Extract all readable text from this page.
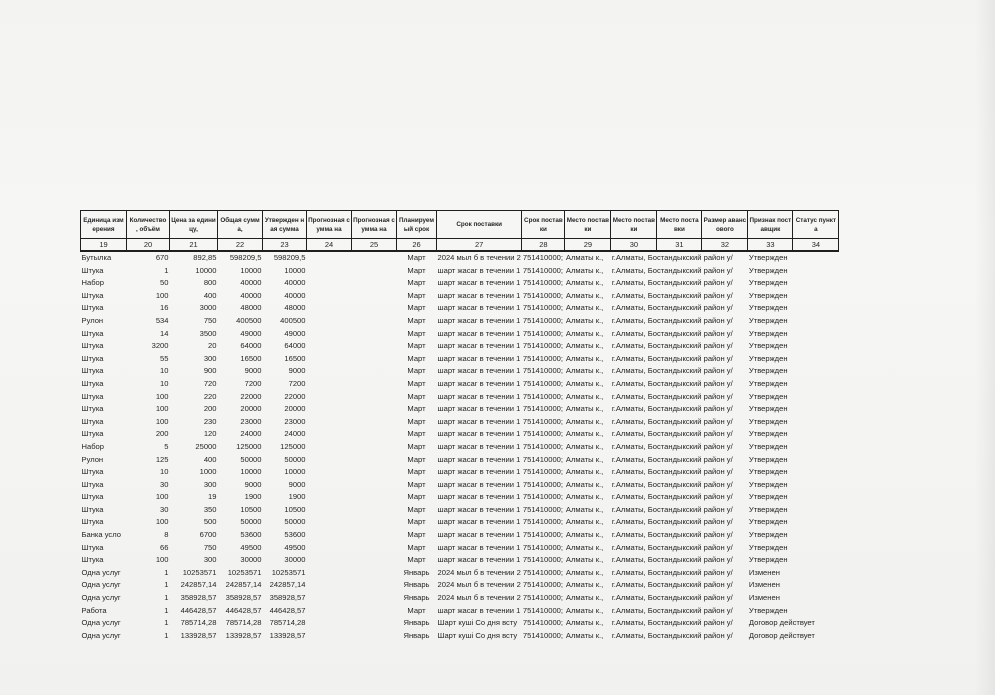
Единица измерения	Количество , объём	Цена за единицу,	Общая сумма,	Утвержден ная сумма	Прогнозная сумма на	Прогнозная сумма на	Планируем ый срок	Срок поставки	Срок поставки	Место поставки	Место поставки	Место поставки	Размер авансового	Признак поставщик	Статус пункта
19	20	21	22	23	24	25	26	27	28	29	30	31	32	33	34
Бутылка	670	892,85	598209,5	598209,5			Март	2024 мыл б в течении 2	751410000;	Алматы к.,	г.Алматы, Бостандыкский район у/			Утвержден	
Штука	1	10000	10000	10000			Март	шарт жасаг в течении 1	751410000;	Алматы к.,	г.Алматы, Бостандыкский район у/			Утвержден	
Набор	50	800	40000	40000			Март	шарт жасаг в течении 1	751410000;	Алматы к.,	г.Алматы, Бостандыкский район у/			Утвержден	
Штука	100	400	40000	40000			Март	шарт жасаг в течении 1	751410000;	Алматы к.,	г.Алматы, Бостандыкский район у/			Утвержден	
Штука	16	3000	48000	48000			Март	шарт жасаг в течении 1	751410000;	Алматы к.,	г.Алматы, Бостандыкский район у/			Утвержден	
Рулон	534	750	400500	400500			Март	шарт жасаг в течении 1	751410000;	Алматы к.,	г.Алматы, Бостандыкский район у/			Утвержден	
Штука	14	3500	49000	49000			Март	шарт жасаг в течении 1	751410000;	Алматы к.,	г.Алматы, Бостандыкский район у/			Утвержден	
Штука	3200	20	64000	64000			Март	шарт жасаг в течении 1	751410000;	Алматы к.,	г.Алматы, Бостандыкский район у/			Утвержден	
Штука	55	300	16500	16500			Март	шарт жасаг в течении 1	751410000;	Алматы к.,	г.Алматы, Бостандыкский район у/			Утвержден	
Штука	10	900	9000	9000			Март	шарт жасаг в течении 1	751410000;	Алматы к.,	г.Алматы, Бостандыкский район у/			Утвержден	
Штука	10	720	7200	7200			Март	шарт жасаг в течении 1	751410000;	Алматы к.,	г.Алматы, Бостандыкский район у/			Утвержден	
Штука	100	220	22000	22000			Март	шарт жасаг в течении 1	751410000;	Алматы к.,	г.Алматы, Бостандыкский район у/			Утвержден	
Штука	100	200	20000	20000			Март	шарт жасаг в течении 1	751410000;	Алматы к.,	г.Алматы, Бостандыкский район у/			Утвержден	
Штука	100	230	23000	23000			Март	шарт жасаг в течении 1	751410000;	Алматы к.,	г.Алматы, Бостандыкский район у/			Утвержден	
Штука	200	120	24000	24000			Март	шарт жасаг в течении 1	751410000;	Алматы к.,	г.Алматы, Бостандыкский район у/			Утвержден	
Набор	5	25000	125000	125000			Март	шарт жасаг в течении 1	751410000;	Алматы к.,	г.Алматы, Бостандыкский район у/			Утвержден	
Рулон	125	400	50000	50000			Март	шарт жасаг в течении 1	751410000;	Алматы к.,	г.Алматы, Бостандыкский район у/			Утвержден	
Штука	10	1000	10000	10000			Март	шарт жасаг в течении 1	751410000;	Алматы к.,	г.Алматы, Бостандыкский район у/			Утвержден	
Штука	30	300	9000	9000			Март	шарт жасаг в течении 1	751410000;	Алматы к.,	г.Алматы, Бостандыкский район у/			Утвержден	
Штука	100	19	1900	1900			Март	шарт жасаг в течении 1	751410000;	Алматы к.,	г.Алматы, Бостандыкский район у/			Утвержден	
Штука	30	350	10500	10500			Март	шарт жасаг в течении 1	751410000;	Алматы к.,	г.Алматы, Бостандыкский район у/			Утвержден	
Штука	100	500	50000	50000			Март	шарт жасаг в течении 1	751410000;	Алматы к.,	г.Алматы, Бостандыкский район у/			Утвержден	
Банка усло	8	6700	53600	53600			Март	шарт жасаг в течении 1	751410000;	Алматы к.,	г.Алматы, Бостандыкский район у/			Утвержден	
Штука	66	750	49500	49500			Март	шарт жасаг в течении 1	751410000;	Алматы к.,	г.Алматы, Бостандыкский район у/			Утвержден	
Штука	100	300	30000	30000			Март	шарт жасаг в течении 1	751410000;	Алматы к.,	г.Алматы, Бостандыкский район у/			Утвержден	
Одна услуг	1	10253571	10253571	10253571			Январь	2024 мыл б в течении 2	751410000;	Алматы к.,	г.Алматы, Бостандыкский район у/			Изменен	
Одна услуг	1	242857,14	242857,14	242857,14			Январь	2024 мыл б в течении 2	751410000;	Алматы к.,	г.Алматы, Бостандыкский район у/			Изменен	
Одна услуг	1	358928,57	358928,57	358928,57			Январь	2024 мыл б в течении 2	751410000;	Алматы к.,	г.Алматы, Бостандыкский район у/			Изменен	
Работа	1	446428,57	446428,57	446428,57			Март	шарт жасаг в течении 1	751410000;	Алматы к.,	г.Алматы, Бостандыкский район у/			Утвержден	
Одна услуг	1	785714,28	785714,28	785714,28			Январь	Шарт куші Со дня всту	751410000;	Алматы к.,	г.Алматы, Бостандыкский район у/			Договор действует	
Одна услуг	1	133928,57	133928,57	133928,57			Январь	Шарт куші Со дня всту	751410000;	Алматы к.,	г.Алматы, Бостандыкский район у/			Договор действует	
